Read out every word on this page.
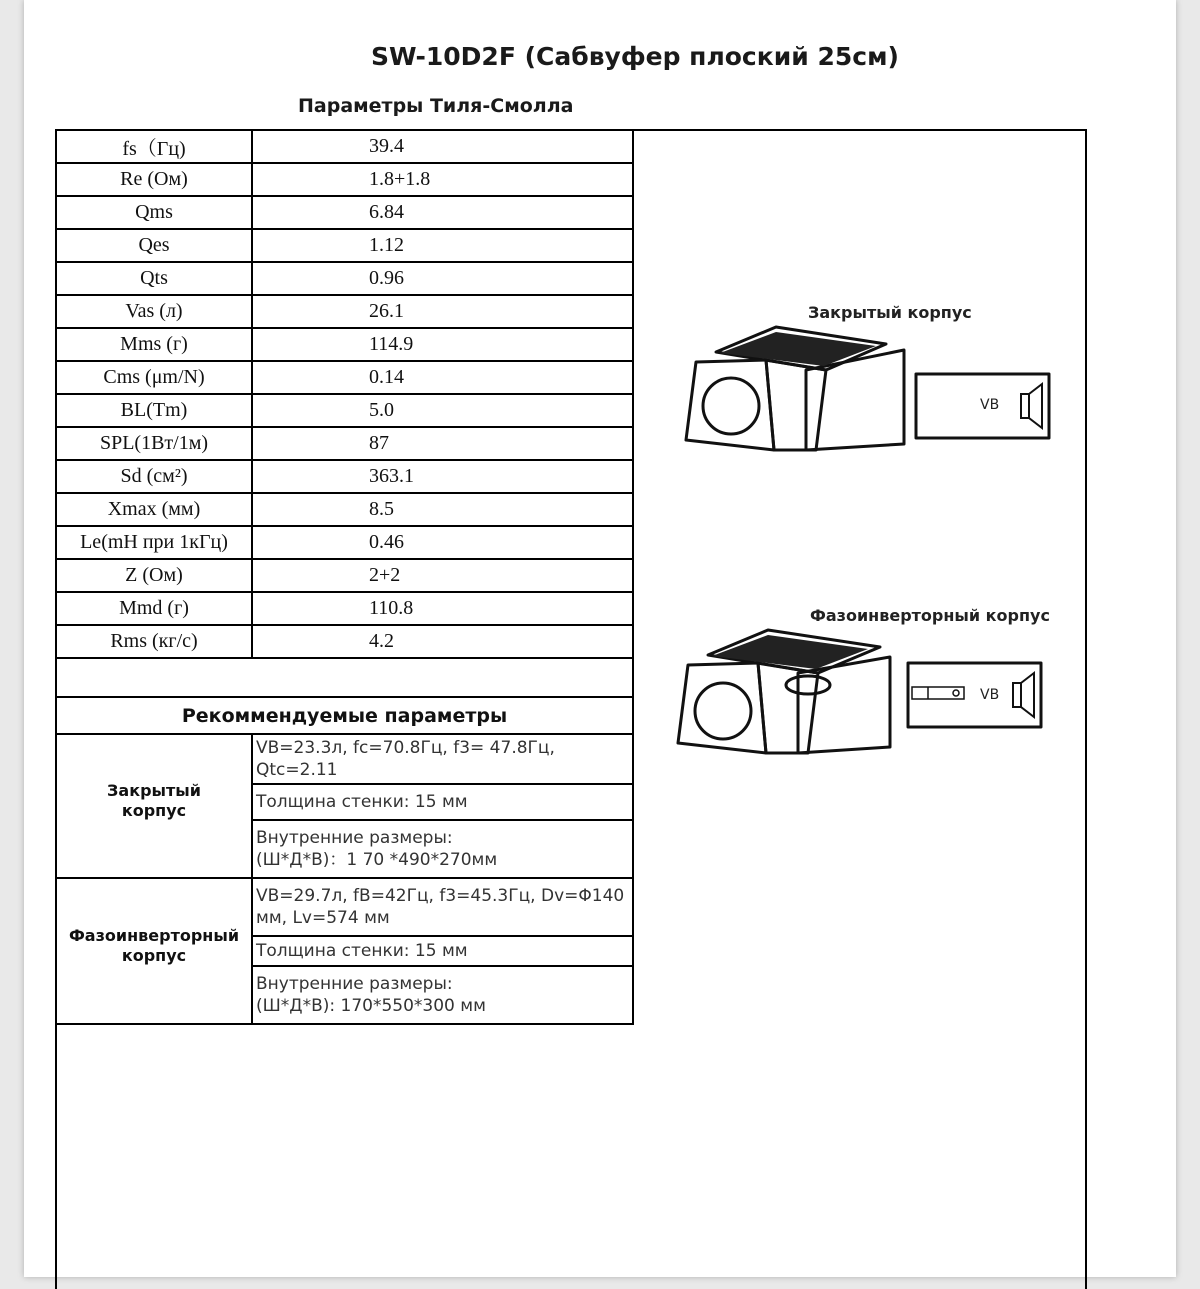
SW-10D2F (Сабвуфер плоский 25см)
Параметры Тиля-Смолла
fs（Гц)	39.4
Re (Ом)	1.8+1.8
Qms	6.84
Qes	1.12
Qts	0.96
Vas (л)	26.1
Mms (г)	114.9
Cms (μm/N)	0.14
BL(Tm)	5.0
SPL(1Вт/1м)	87
Sd (см²)	363.1
Xmax (мм)	8.5
Le(mH при 1кГц)	0.46
Z (Ом)	2+2
Mmd (г)	110.8
Rms (кг/с)	4.2

Рекоммендуемые параметры	
Закрытый
корпус	VB=23.3л, fc=70.8Гц, f3= 47.8Гц, Qtc=2.11
	Толщина стенки: 15 мм
	Внутренние размеры:
(Ш*Д*В)：1 70 *490*270мм
Фазоинверторный
корпус	VB=29.7л, fB=42Гц, f3=45.3Гц, Dv=Φ140
мм, Lv=574 мм
	Толщина стенки: 15 мм
	Внутренние размеры:
(Ш*Д*В): 170*550*300 мм
Закрытый корпус
VB
Фазоинверторный корпус
VB
